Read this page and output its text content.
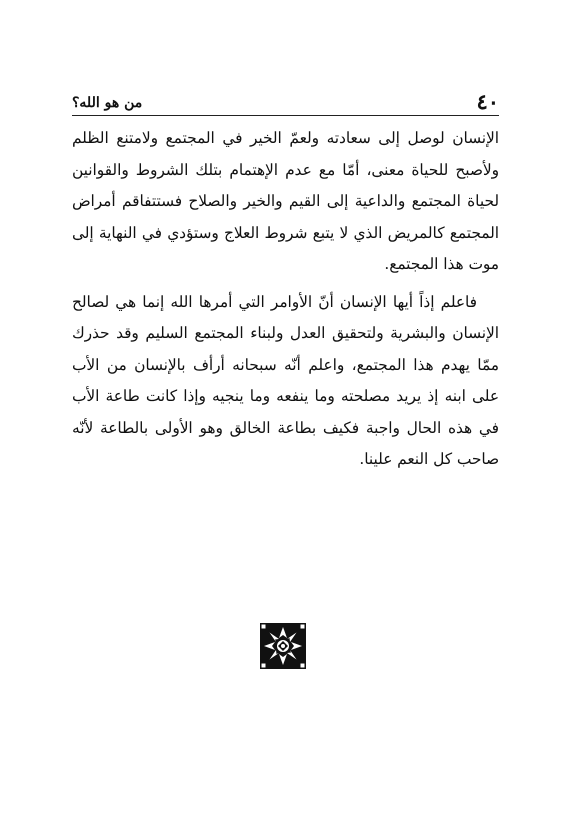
٤٠
من هو الله؟

الإنسان لوصل إلى سعادته ولعمّ الخير في المجتمع ولامتنع الظلم ولأصبح للحياة معنى، أمّا مع عدم الإهتمام بتلك الشروط والقوانين لحياة المجتمع والداعية إلى القيم والخير والصلاح فستتفاقم أمراض المجتمع كالمريض الذي لا يتبع شروط العلاج وستؤدي في النهاية إلى موت هذا المجتمع.

فاعلم إذاً أيها الإنسان أنّ الأوامر التي أمرها الله إنما هي لصالح الإنسان والبشرية ولتحقيق العدل ولبناء المجتمع السليم وقد حذرك ممّا يهدم هذا المجتمع، واعلم أنّه سبحانه أرأف بالإنسان من الأب على ابنه إذ يريد مصلحته وما ينفعه وما ينجيه وإذا كانت طاعة الأب في هذه الحال واجبة فكيف بطاعة الخالق وهو الأولى بالطاعة لأنّه صاحب كل النعم علينا.
